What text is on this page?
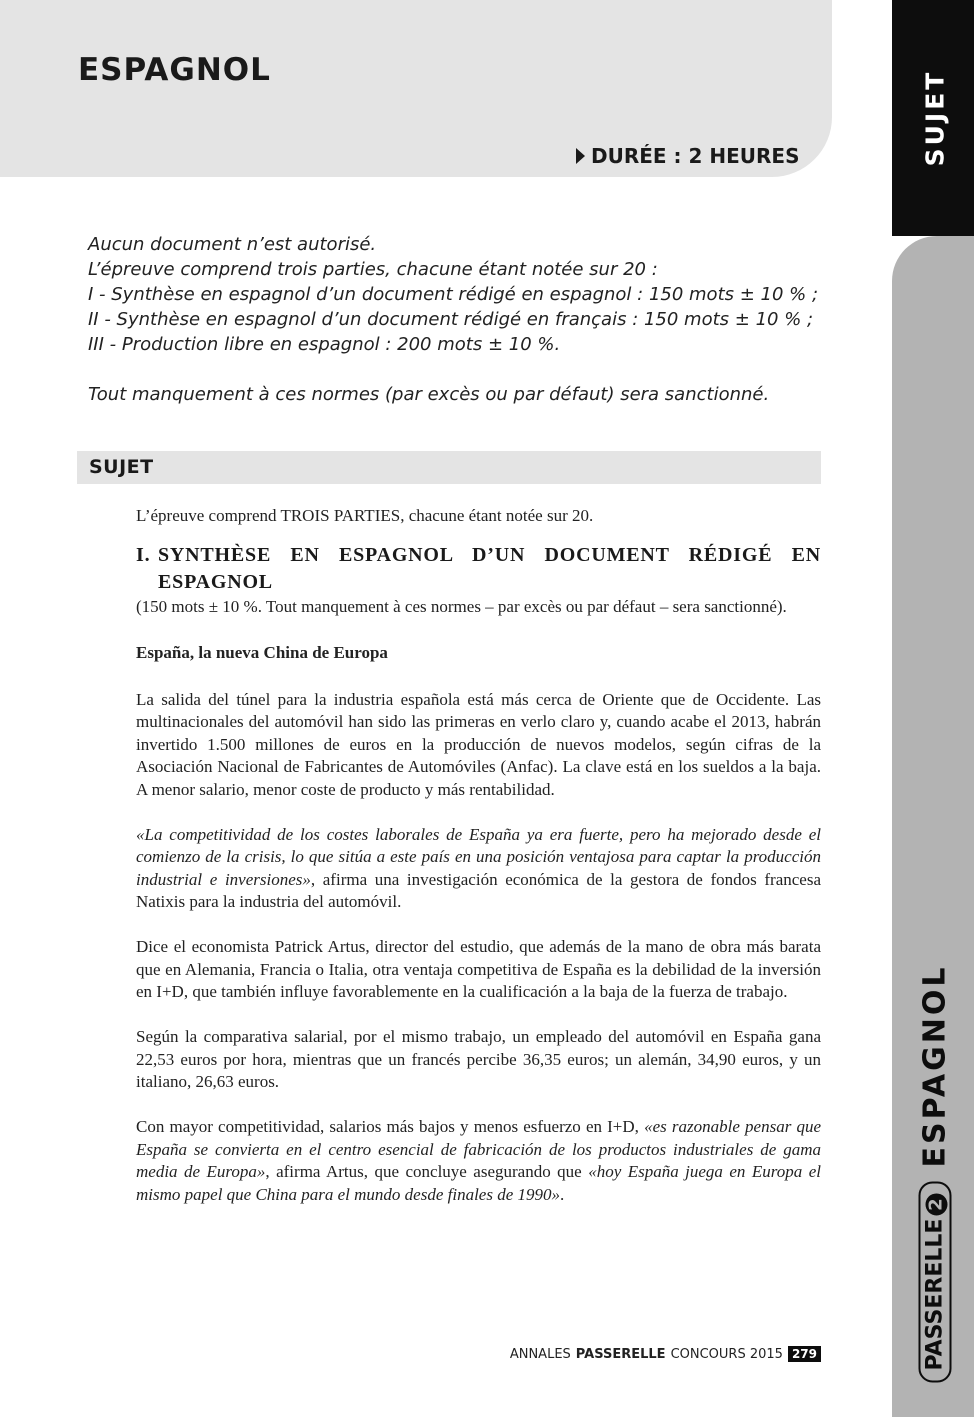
ESPAGNOL
DURÉE : 2 HEURES	SUJET
ESPAGNOL
PASSERELLE2

Aucun document n’est autorisé.

L’épreuve comprend trois parties, chacune étant notée sur 20 :

I - Synthèse en espagnol d’un document rédigé en espagnol : 150 mots ± 10 % ;

II - Synthèse en espagnol d’un document rédigé en français : 150 mots ± 10 % ;

III - Production libre en espagnol : 200 mots ± 10 %.

Tout manquement à ces normes (par excès ou par défaut) sera sanctionné.

SUJET

L’épreuve comprend TROIS PARTIES, chacune étant notée sur 20.

I. SYNTHÈSE EN ESPAGNOL D’UN DOCUMENT RÉDIGÉ EN ESPAGNOL

(150 mots ± 10 %. Tout manquement à ces normes – par excès ou par défaut – sera sanctionné).

España, la nueva China de Europa

La salida del túnel para la industria española está más cerca de Oriente que de Occidente. Las multinacionales del automóvil han sido las primeras en verlo claro y, cuando acabe el 2013, habrán invertido 1.500 millones de euros en la producción de nuevos modelos, según cifras de la Asociación Nacional de Fabricantes de Automóviles (Anfac). La clave está en los sueldos a la baja. A menor salario, menor coste de producto y más rentabilidad.

«La competitividad de los costes laborales de España ya era fuerte, pero ha mejorado desde el comienzo de la crisis, lo que sitúa a este país en una posición ventajosa para captar la producción industrial e inversiones», afirma una investigación económica de la gestora de fondos francesa Natixis para la industria del automóvil.

Dice el economista Patrick Artus, director del estudio, que además de la mano de obra más barata que en Alemania, Francia o Italia, otra ventaja competitiva de España es la debilidad de la inversión en I+D, que también influye favorablemente en la cualificación a la baja de la fuerza de trabajo.

Según la comparativa salarial, por el mismo trabajo, un empleado del automóvil en España gana 22,53 euros por hora, mientras que un francés percibe 36,35 euros; un alemán, 34,90 euros, y un italiano, 26,63 euros.

Con mayor competitividad, salarios más bajos y menos esfuerzo en I+D, «es razonable pensar que España se convierta en el centro esencial de fabricación de los productos industriales de gama media de Europa», afirma Artus, que concluye asegurando que «hoy España juega en Europa el mismo papel que China para el mundo desde finales de 1990».

ANNALES PASSERELLE CONCOURS 2015 279
